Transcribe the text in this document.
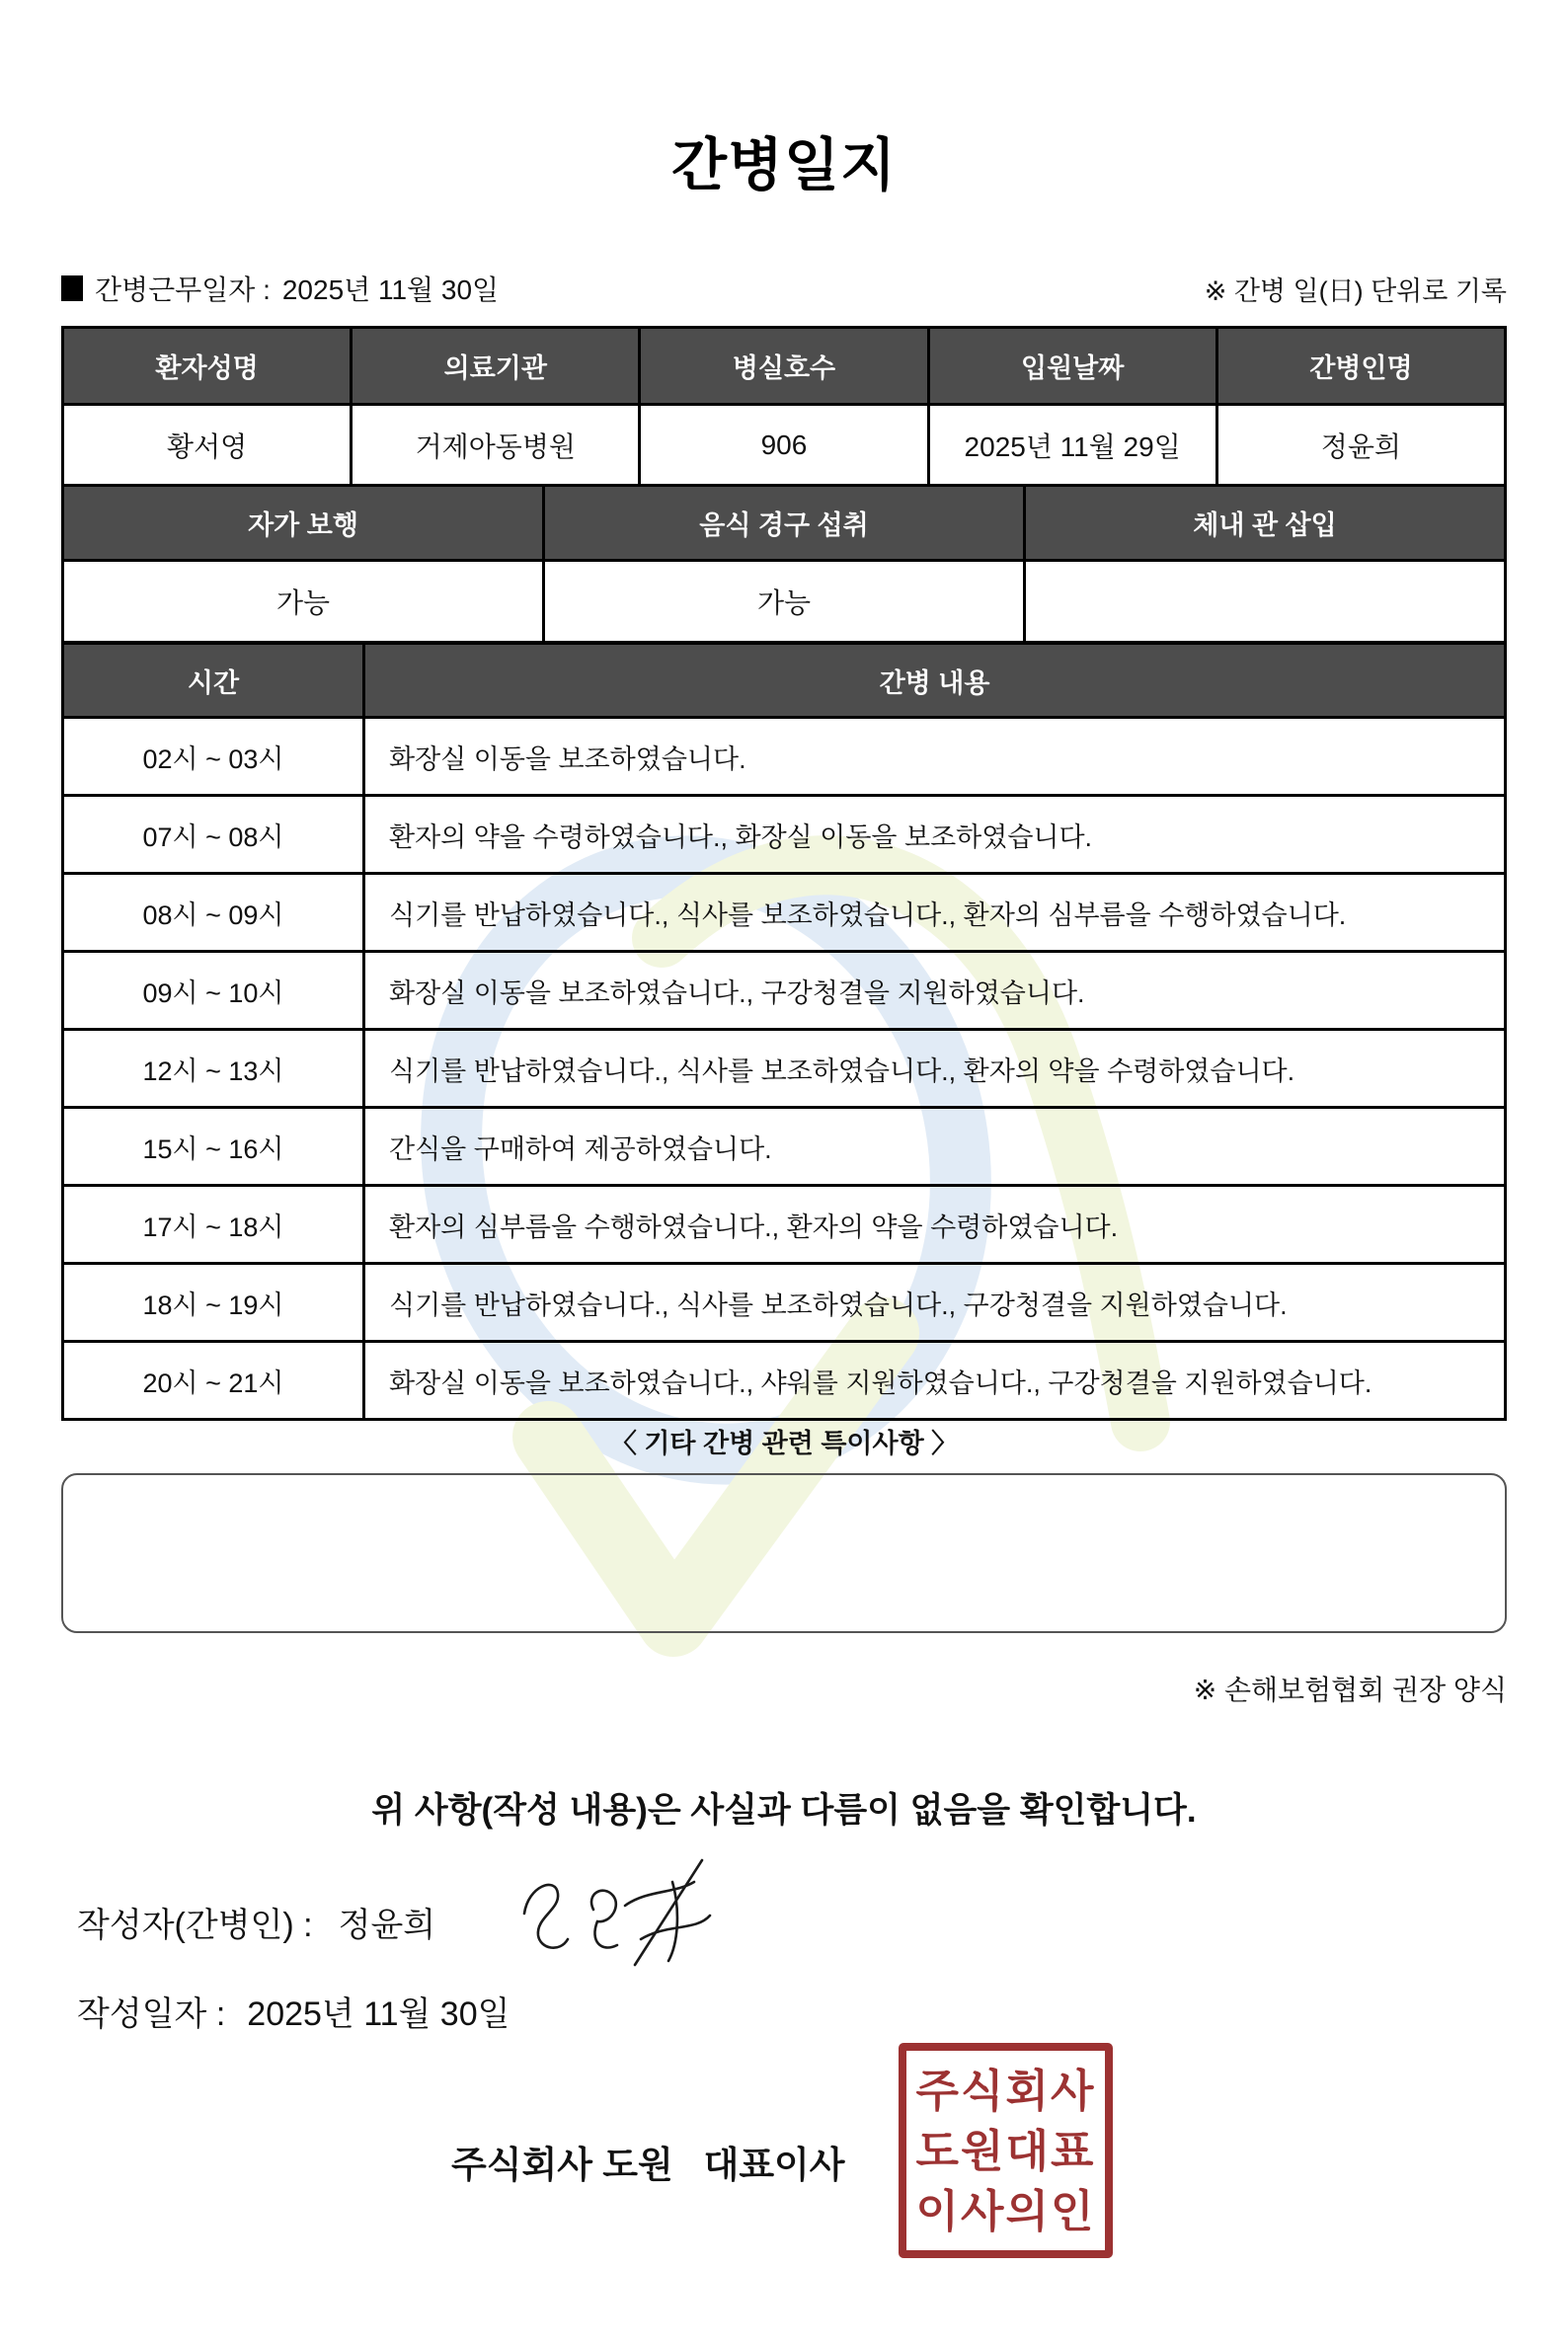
간병일지
간병근무일자 : 2025년 11월 30일	※ 간병 일(日) 단위로 기록
환자성명	의료기관	병실호수	입원날짜	간병인명
황서영	거제아동병원	906	2025년 11월 29일	정윤희
자가 보행	음식 경구 섭취	체내 관 삽입
가능	가능	
시간	간병 내용
02시 ~ 03시	화장실 이동을 보조하였습니다.
07시 ~ 08시	환자의 약을 수령하였습니다., 화장실 이동을 보조하였습니다.
08시 ~ 09시	식기를 반납하였습니다., 식사를 보조하였습니다., 환자의 심부름을 수행하였습니다.
09시 ~ 10시	화장실 이동을 보조하였습니다., 구강청결을 지원하였습니다.
12시 ~ 13시	식기를 반납하였습니다., 식사를 보조하였습니다., 환자의 약을 수령하였습니다.
15시 ~ 16시	간식을 구매하여 제공하였습니다.
17시 ~ 18시	환자의 심부름을 수행하였습니다., 환자의 약을 수령하였습니다.
18시 ~ 19시	식기를 반납하였습니다., 식사를 보조하였습니다., 구강청결을 지원하였습니다.
20시 ~ 21시	화장실 이동을 보조하였습니다., 샤워를 지원하였습니다., 구강청결을 지원하였습니다.
〈 기타 간병 관련 특이사항 〉
※ 손해보험협회 권장 양식
위 사항(작성 내용)은 사실과 다름이 없음을 확인합니다.
작성자(간병인) : 정윤희
작성일자 : 2025년 11월 30일
주식회사 도원   대표이사
주식회사
도원대표
이사의인
